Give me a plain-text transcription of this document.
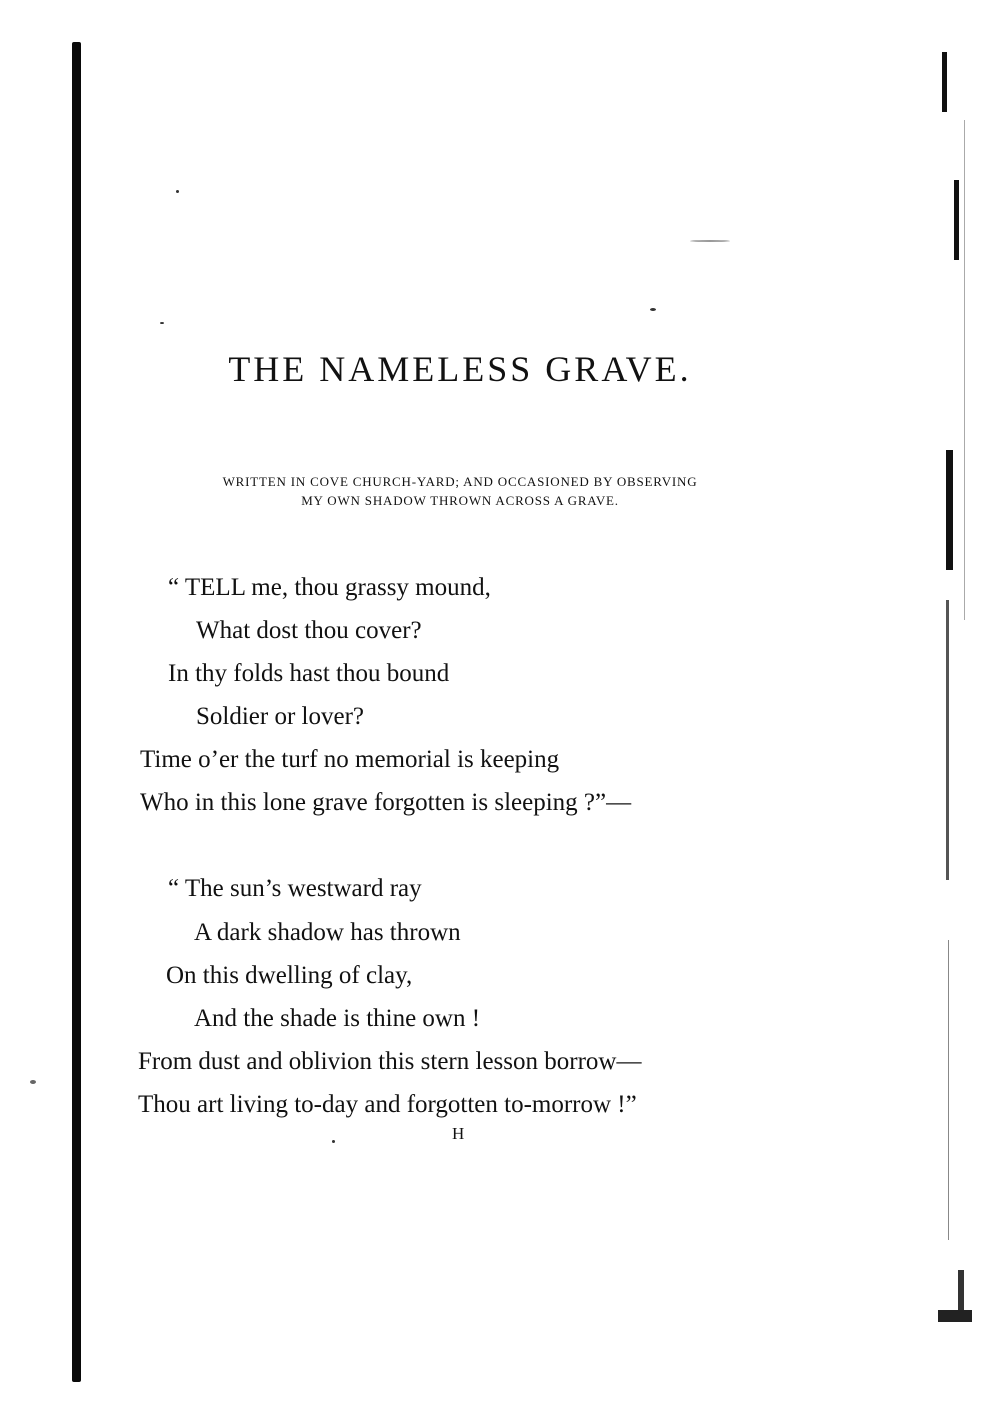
THE NAMELESS GRAVE.

WRITTEN IN COVE CHURCH-YARD; AND OCCASIONED BY OBSERVING
MY OWN SHADOW THROWN ACROSS A GRAVE.

“ TELL me, thou grassy mound,

What dost thou cover?

In thy folds hast thou bound

Soldier or lover?

Time o’er the turf no memorial is keeping

Who in this lone grave forgotten is sleeping ?”—

“ The sun’s westward ray

A dark shadow has thrown

On this dwelling of clay,

And the shade is thine own !

From dust and oblivion this stern lesson borrow—

Thou art living to-day and forgotten to-morrow !”

H
